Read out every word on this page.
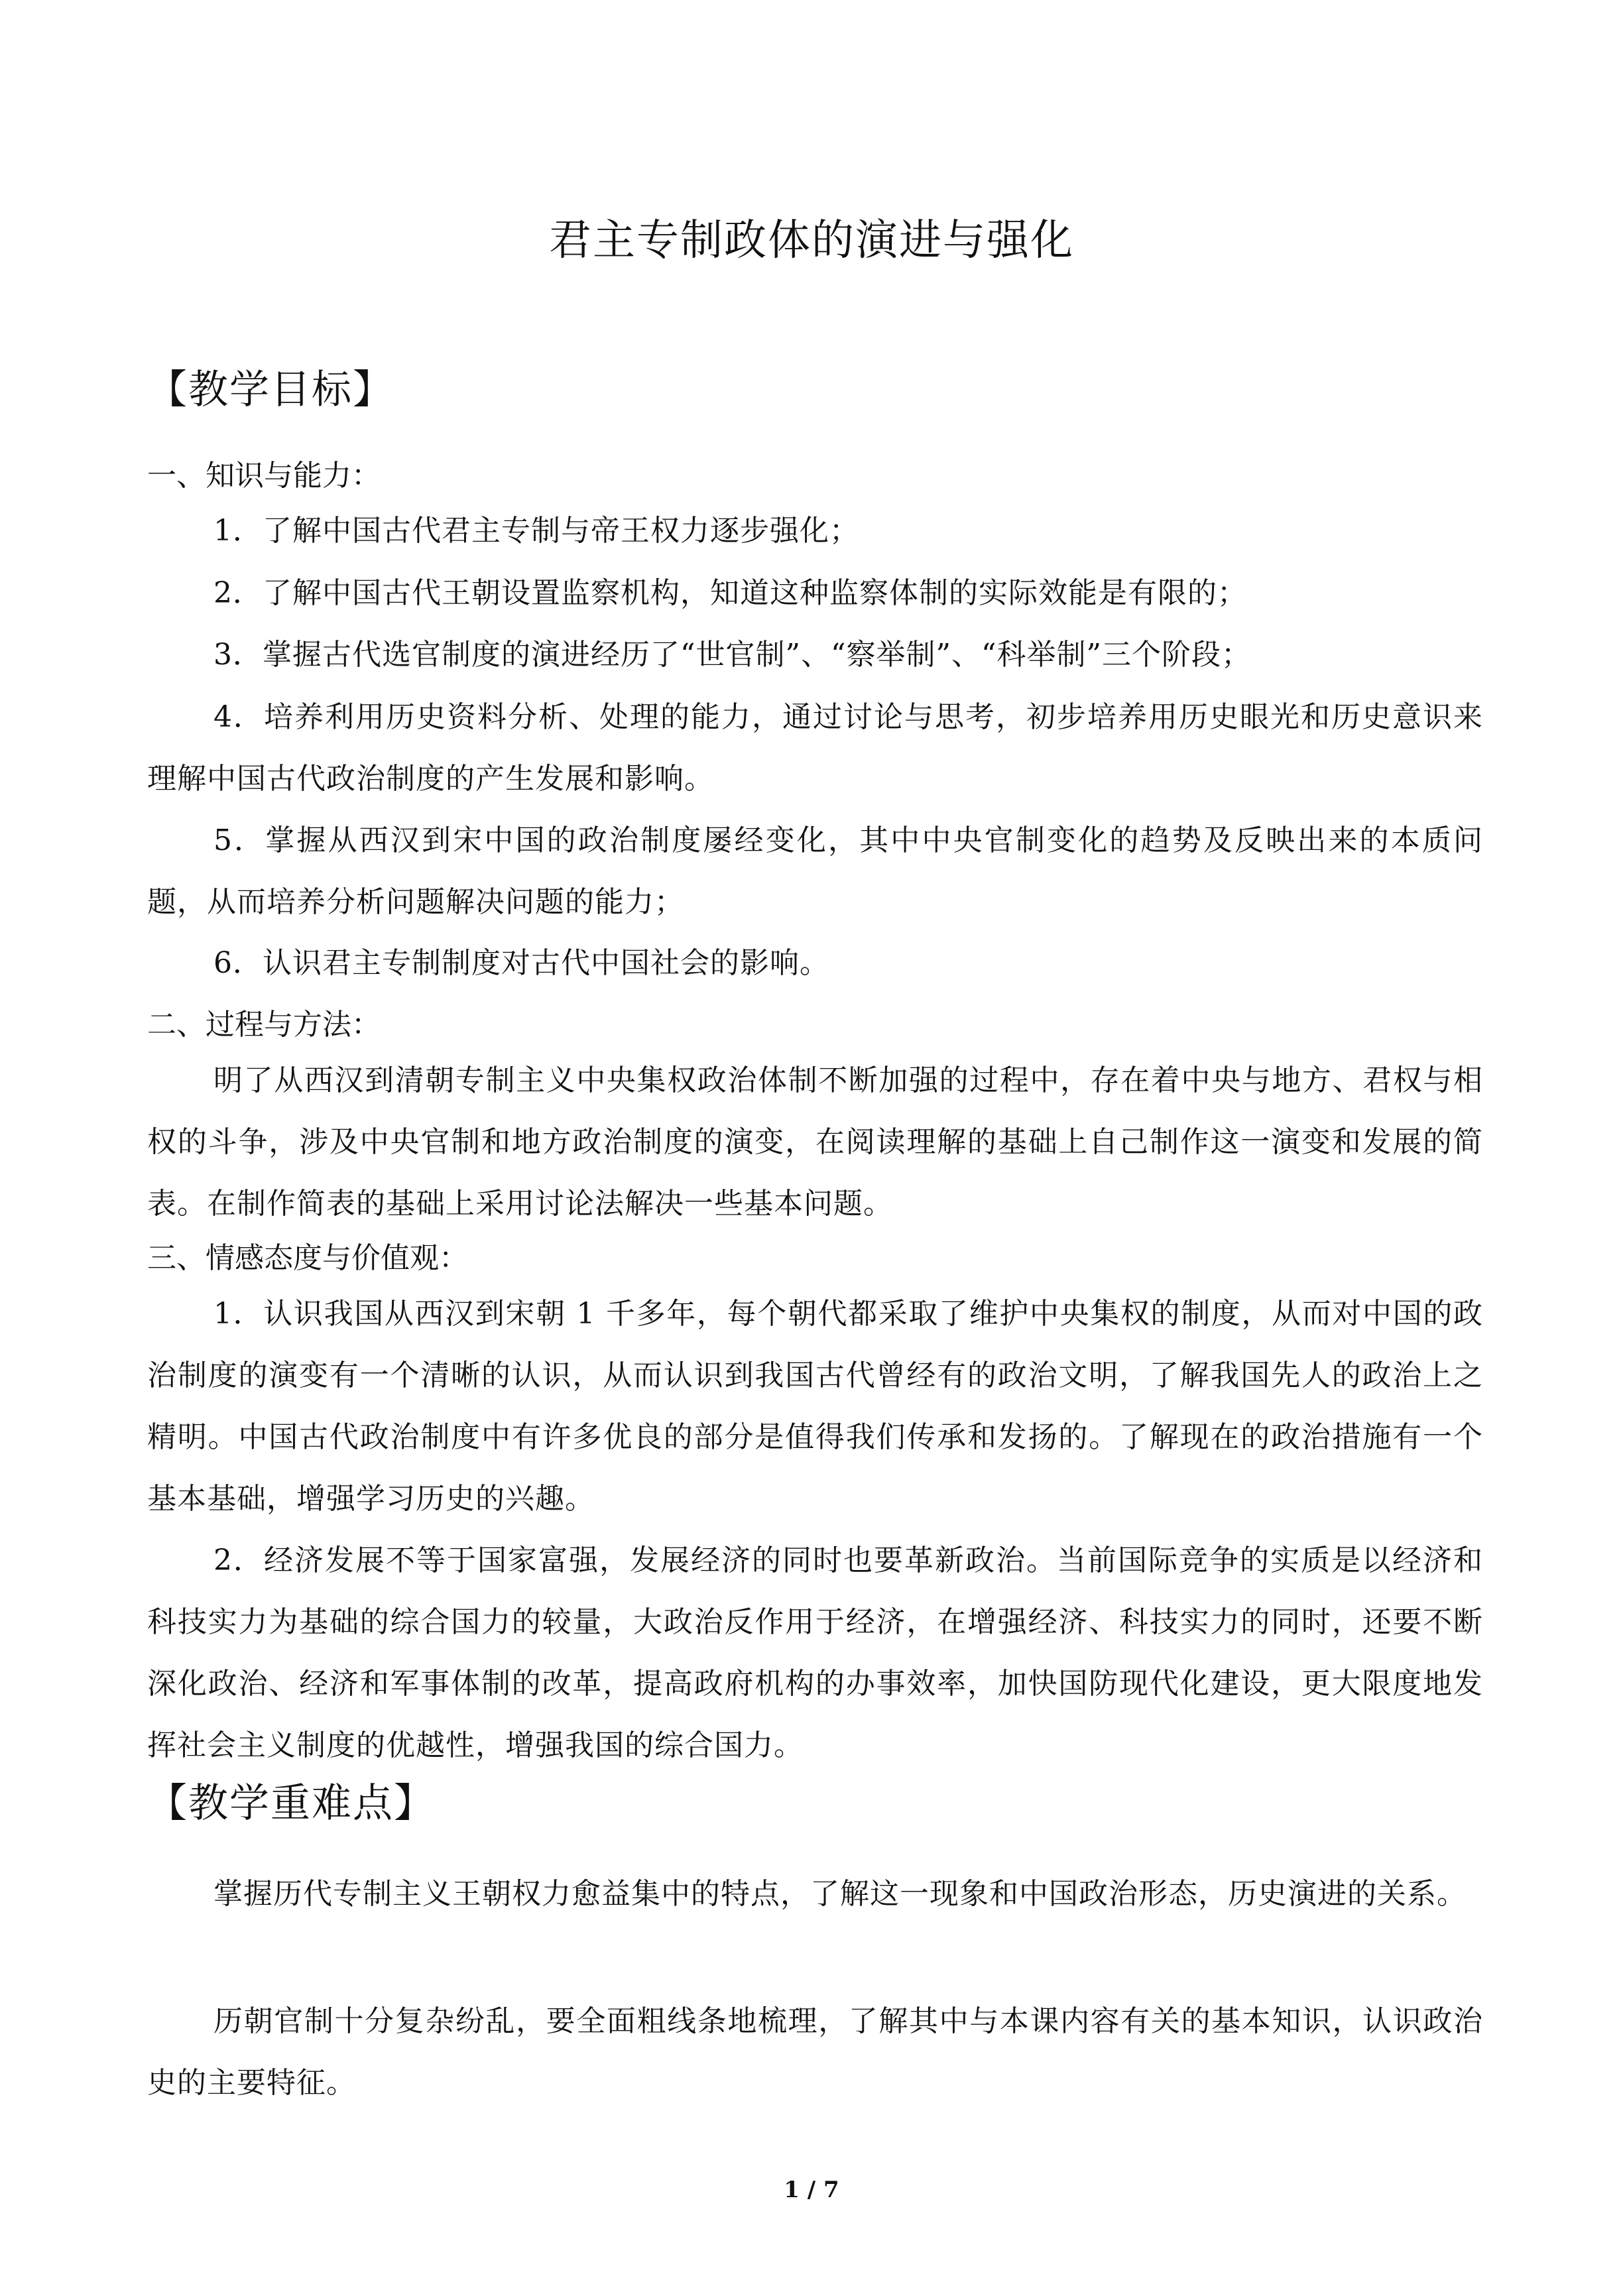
君主专制政体的演进与强化
【教学目标】
一、知识与能力：
1．了解中国古代君主专制与帝王权力逐步强化；
2．了解中国古代王朝设置监察机构，知道这种监察体制的实际效能是有限的；
3．掌握古代选官制度的演进经历了“世官制”、“察举制”、“科举制”三个阶段；
4．培养利用历史资料分析、处理的能力，通过讨论与思考，初步培养用历史眼光和历史意识来理解中国古代政治制度的产生发展和影响。
5．掌握从西汉到宋中国的政治制度屡经变化，其中中央官制变化的趋势及反映出来的本质问题，从而培养分析问题解决问题的能力；
6．认识君主专制制度对古代中国社会的影响。
二、过程与方法：
明了从西汉到清朝专制主义中央集权政治体制不断加强的过程中，存在着中央与地方、君权与相权的斗争，涉及中央官制和地方政治制度的演变，在阅读理解的基础上自己制作这一演变和发展的简表。在制作简表的基础上采用讨论法解决一些基本问题。
三、情感态度与价值观：
1．认识我国从西汉到宋朝 1 千多年，每个朝代都采取了维护中央集权的制度，从而对中国的政治制度的演变有一个清晰的认识，从而认识到我国古代曾经有的政治文明，了解我国先人的政治上之精明。中国古代政治制度中有许多优良的部分是值得我们传承和发扬的。了解现在的政治措施有一个基本基础，增强学习历史的兴趣。
2．经济发展不等于国家富强，发展经济的同时也要革新政治。当前国际竞争的实质是以经济和科技实力为基础的综合国力的较量，大政治反作用于经济，在增强经济、科技实力的同时，还要不断深化政治、经济和军事体制的改革，提高政府机构的办事效率，加快国防现代化建设，更大限度地发挥社会主义制度的优越性，增强我国的综合国力。
【教学重难点】
掌握历代专制主义王朝权力愈益集中的特点，了解这一现象和中国政治形态，历史演进的关系。
历朝官制十分复杂纷乱，要全面粗线条地梳理，了解其中与本课内容有关的基本知识，认识政治史的主要特征。
1 / 7
